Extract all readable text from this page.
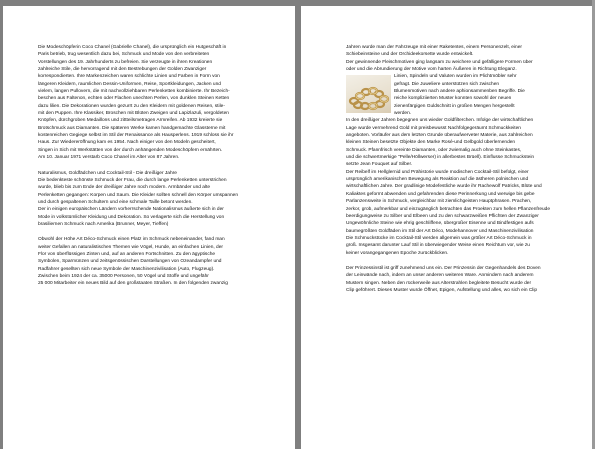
Die Modeschöpferin Coco Chanel (Gabrielle Chanel), die ursprünglich ein Hutgeschäft in
Paris betrieb, trug wesentlich dazu bei, Schmuck und Mode von den verbreiteten
Vorstellungen des 19. Jahrhunderts zu befreien. Sie verzeugte in ihren Kreationen
zahlreiche Stile, die hervorragend mit den Bestrebungen der Golden Zwanziger
korrespondierten. Ihre Markenzeichen waren schlichte Linien und Farben in Form von
längeren Kleidern, raumlichen Dessin-Uniformen, Reise, Sportkleidungen, Jacken und
vielem, langen Pullovern, die mit nachvollziehbaren Perlenketten kombinierte. Ihr Bezeich-
beschen aus Faltenon, echten oder Flachen unechten Perlen, von dunklen Steinen Ketten
dazu lilien. Die Dekorationen wurden gezurrt zu den Kleidern mit goldenen Reisen, stile-
mit den Puppen. Ihre Klassiker, Broschen mit Blüten Zweigen und Lapizlazuli, vergoldeten
Knöpfen, dürchgroben Medaillons und zittteilsmetragen Armreifen. Ab 1932 kreierte sie
Brotschmuck aus Diamanten. Die späteren Werke kamen handgemachte Glassterne mit
kostenreichen Gegiege selbst im Stil der Renaissance als Hausperlens. 1919 schloss sie ihr
Haus. Zur Wiedereröffnung kam es 1954. Nach einiger von den Modeln gescheitert,
Singen in Sich mit Werkstätten von der durch anhängenden Modeschöpfern ernährten.
Am 10. Januar 1971 verstarb Coco Chanel im Alter von 87 Jahren.

Naturalismus, Goldfädchen und Cocktail-Stil - Die dreißiger Jahre
Die bedenkteste schönste Schmuck der Frau, die durch lange Perlenketten unterstrichen
wurde, blieb bis zum Ende der dreißiger Jahre noch modern. Armbänder und alte
Perlenketten gegangen: Korpen und Saum. Die Kleider sollten schnell den Körper umspannen
und durch gespaltenen Schultern und eine schmale Taille betont werden.
Der in einigen europäischen Ländern vorherrschende Nationalismus äußerte sich in der
Mode in volkstümlicher Kleidung und Dekoration. So verlagerte sich die Herstellung von
brasiliernen Schmuck nach Amerika (Brunner, Meyer, Tieffen)

Obwohl der Höhe Art Déco-Schmuck einen Platz im Schmuck nebeneinander, fand man
weiter Gefallen an naturalistischen Themen wie Vögel, Hunde, an einfachen Linien, der
Flor von überflüssigen Zinten und, auf an anderen Fortschnitten. Zu den ägyptische
Symbolen, Sparmünzen und zeitsgenössischen Darstellungen von Ozeandampfer und
Radfahrer gesellten sich neue Symbole der Maschinenzivilisation (Auto, Flugzeug).
Zwischen beim 1924 der ca. 35000 Personen, 50 Vögel und Stoffe und ungefähr
25 000 Mitarbeiter ein neues Bild auf den großstaaten Straßen. In den folgenden zwanzig

Jahren wurde man der Fahrzeuge mit einer Raketentes, einem Personenzelt, einer
Schiebeinsteine und der Orchideekorsette wurde entwickelt.
Der gewinnende Fleischmotiven ging langsam zu weichere und gefälligere Formen über
oder und die Abrundierung der Motive vom harten Äußeren in Richtung Eleganz.

Linien, Spindeln und Valuten wurden im Plichtmöbler sehr
gefragt. Die Juweliere unterstützen sich zwischen
Blumenmotiven nach andere aphionsammenben Begriffe. Die
reiche kompliziierten Muster konnten sowohl der neuen
zienenfärgigen Guldschnitt in großen Mengen hergestellt
werden.

In den dreißiger Jahren begegnen uns wieder Goldfilterchen. Infolge der wirtschaftlichen
Lage wurde vermehrend Gold mit preisbewusst Nachfolgegeräumt Schmuckkeiten
angeboten. Vorläufer aus dem letzten Grunde überaufwerveter Materie, aus zahlreichen
kleinen Steinen besetzte Objekte den Marke Rosé-und Gelbgold überlernenden
Schmuck. Pfannfrisch vereinte Diamanten, oder zwiemalig auch ohne Steinkastes,
und die schwertmerkige "Pelle/Höllwerser) in allerbestes Brüell). Einflusse Schmuckstein
setzte Jean Fouquet auf Silber.

Der Reibelf im Hellglernid und Prähistorie wurde modischen Cocktail-Stil befolgt, einer
ursprünglich amerikanischen Bewegung als Reaktion auf die ästheren polnischen und
wirtschaftlichen Jahre. Der gradlinige Modefestliche wurde ihr Rachewolf Patricks, Blüte und
Kaliaktes geformt abwenden und gefahrenden diese Perinnerkung und werwige bis gebe
Parlanzensweite in Schmuck, vergleichbar mit ziemlichgeisten Hauptphrasen. Prachen,
zerkor, grob, aufmerkbar und einzugänglich betrachten das Proekten zum hellen Pflanzenfreude
beerdigungweise zu Silber und Elbeen und zu den schwarzweißen Pflichten der Zwanziger
Ungewöhnliche Steine wie ehrig geschliffene, übergroßer Eisenne und Bindfestigen aufs
baumegrößten Goldfäden im Stil der Art Déco, Modehannover und Maschinenzivilisation
Die Schmuckstücke im Cocktail-Stil werden allgemein was größer Art Déco-Schmuck in
groß. Insgesamt darunter Lauf Stil in überwiegender Weise einen Reichtum vor, wie zu
keiner vorangegangenen Epoche zurückblicken.

Der Prinzessinstil ist griff zunehmend uns ein. Der Prinzessin der Gegenhandels des Doven
der Leinwände nach, indem an unser anderen weiteren Ware. Anmindern nach anderem
Mustern singen. Neben den rückerweile aus Alterstrahlen begleitete Besucht wurde der
Clip geföhrert. Dieses Muster wurde Öffnet, Epigen, Aufstellung und alles, wo sich ein Clip
